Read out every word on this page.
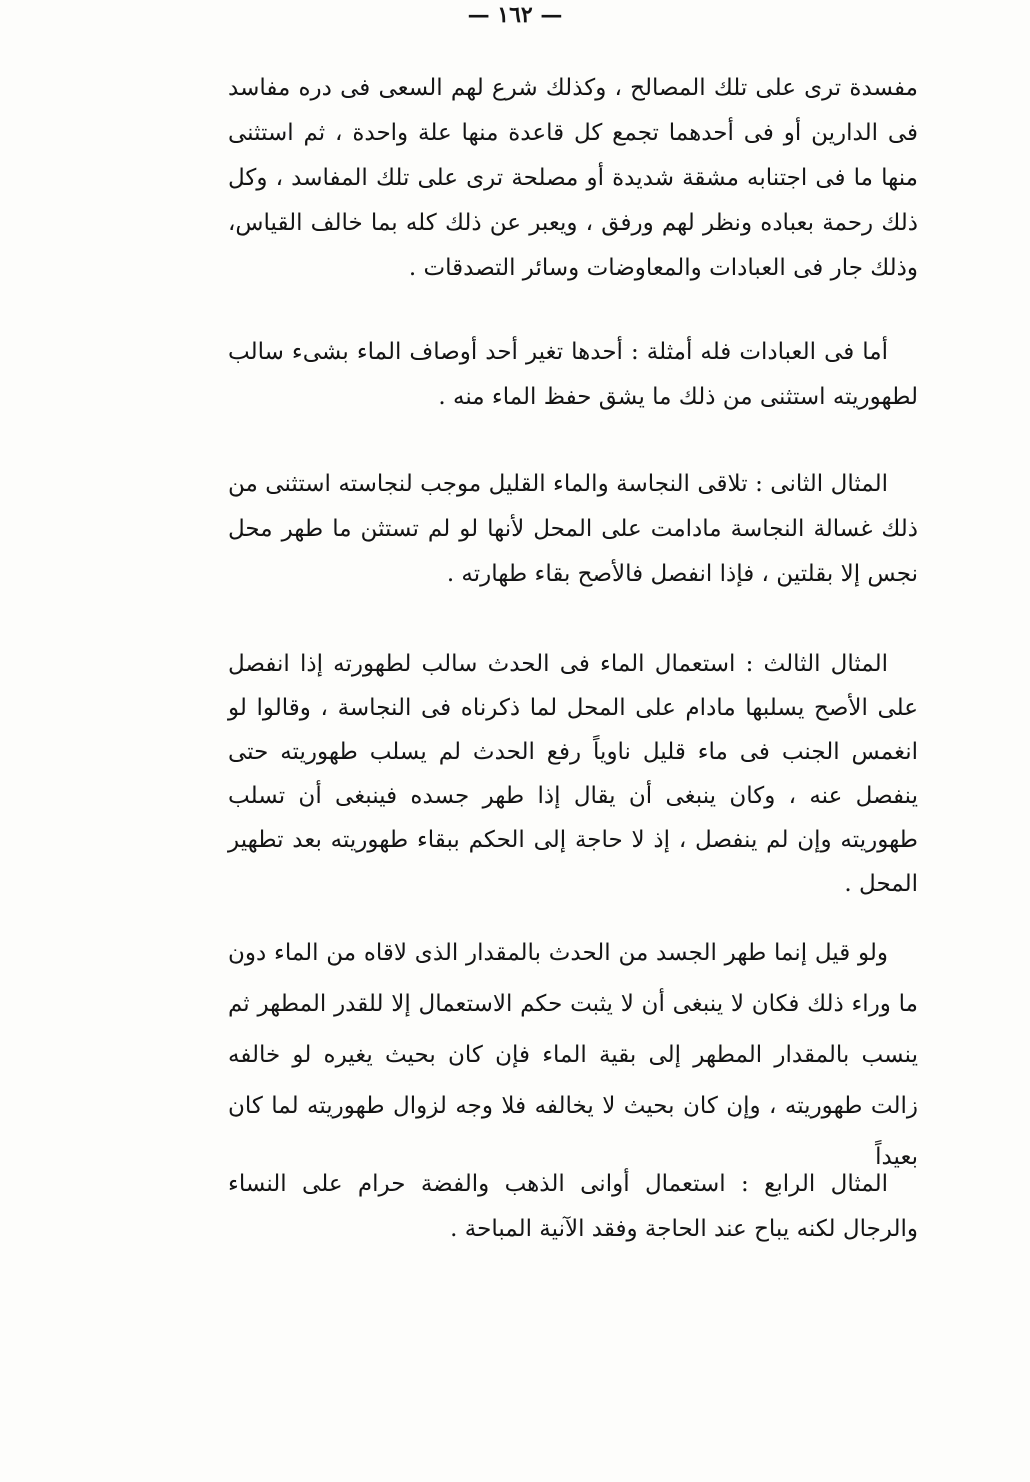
— ١٦٢ —

مفسدة ترى على تلك المصالح ، وكذلك شرع لهم السعى فى دره مفاسد فى الدارين أو فى أحدهما تجمع كل قاعدة منها علة واحدة ، ثم استثنى منها ما فى اجتنابه مشقة شديدة أو مصلحة ترى على تلك المفاسد ، وكل ذلك رحمة بعباده ونظر لهم ورفق ، ويعبر عن ذلك كله بما خالف القياس، وذلك جار فى العبادات والمعاوضات وسائر التصدقات .

أما فى العبادات فله أمثلة : أحدها تغير أحد أوصاف الماء بشىء سالب لطهوريته استثنى من ذلك ما يشق حفظ الماء منه .

المثال الثانى : تلاقى النجاسة والماء القليل موجب لنجاسته استثنى من ذلك غسالة النجاسة مادامت على المحل لأنها لو لم تستثن ما طهر محل نجس إلا بقلتين ، فإذا انفصل فالأصح بقاء طهارته .

المثال الثالث : استعمال الماء فى الحدث سالب لطهورته إذا انفصل على الأصح يسلبها مادام على المحل لما ذكرناه فى النجاسة ، وقالوا لو انغمس الجنب فى ماء قليل ناوياً رفع الحدث لم يسلب طهوريته حتى ينفصل عنه ، وكان ينبغى أن يقال إذا طهر جسده فينبغى أن تسلب طهوريته وإن لم ينفصل ، إذ لا حاجة إلى الحكم ببقاء طهوريته بعد تطهير المحل .

ولو قيل إنما طهر الجسد من الحدث بالمقدار الذى لاقاه من الماء دون ما وراء ذلك فكان لا ينبغى أن لا يثبت حكم الاستعمال إلا للقدر المطهر ثم ينسب بالمقدار المطهر إلى بقية الماء فإن كان بحيث يغيره لو خالفه زالت طهوريته ، وإن كان بحيث لا يخالفه فلا وجه لزوال طهوريته لما كان بعيداً

المثال الرابع : استعمال أوانى الذهب والفضة حرام على النساء والرجال لكنه يباح عند الحاجة وفقد الآنية المباحة .
